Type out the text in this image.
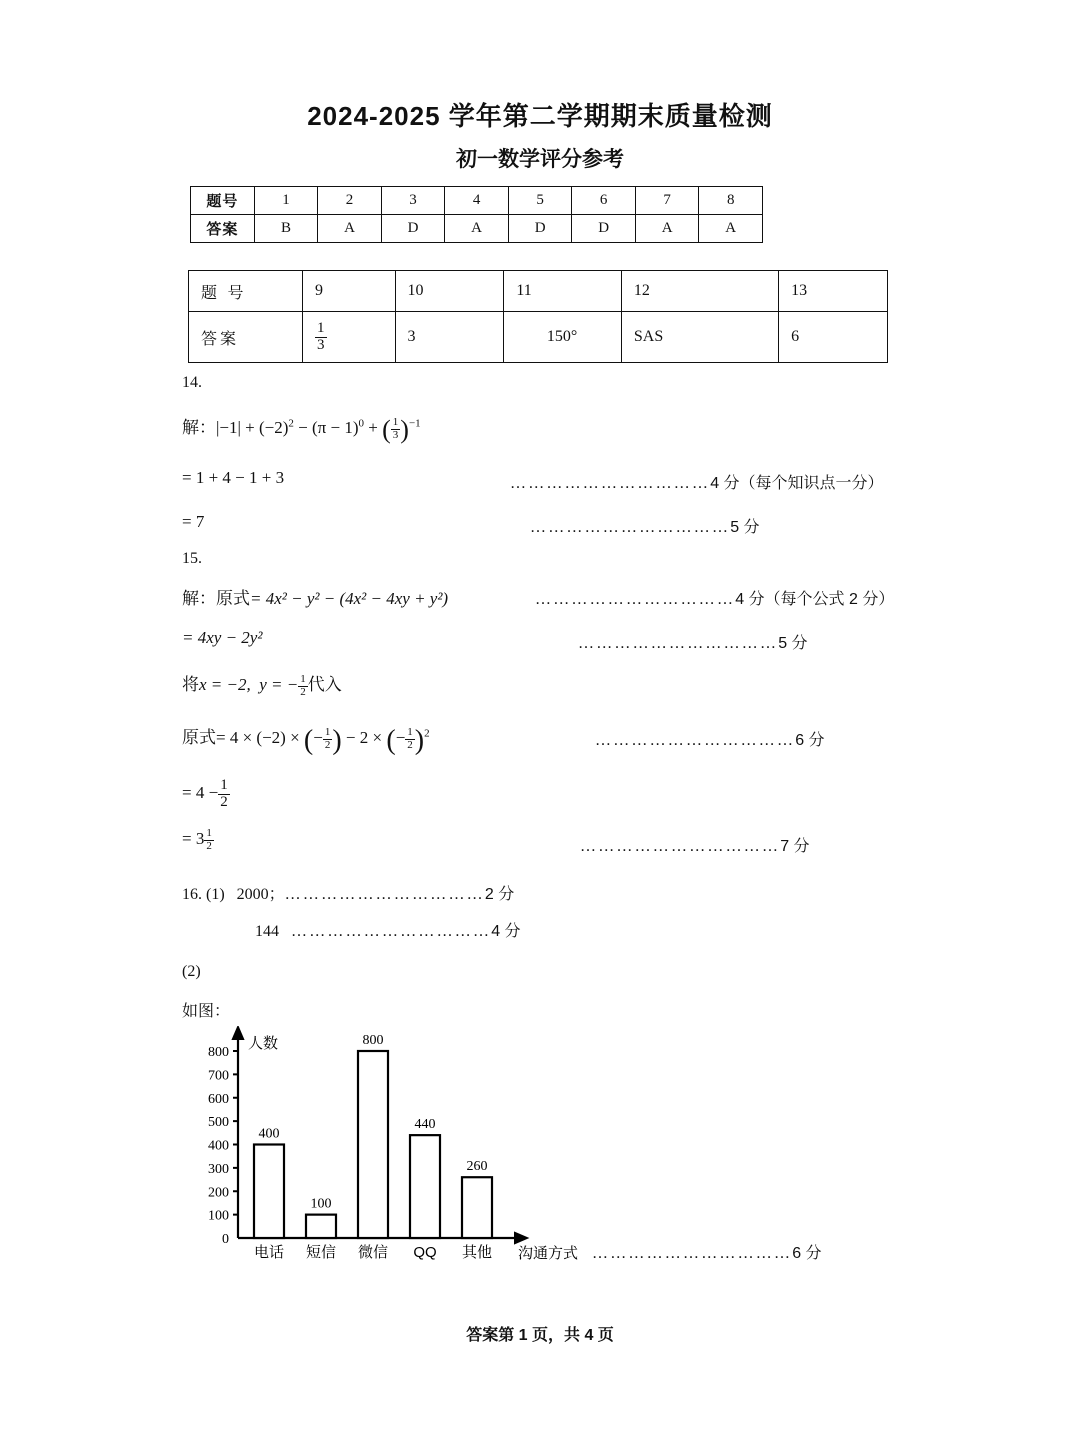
2024-2025 学年第二学期期末质量检测
初一数学评分参考
题号	1	2	3	4	5	6	7	8
答案	B	A	D	A	D	D	A	A
题 号	9	10	11	12	13
答案	$\frac{1}{3}$	3	150°	SAS	6
14.
解：$|-1| + (-2)^2 - (\pi - 1)^0$ + ( $\frac{1}{3} )^{-1}$
= 1 + 4 − 1 + 3	……………………………4 分（每个知识点一分）
= 7	……………………………5 分
15.
解：原式= 4x² − y² − (4x² − 4xy + y²)	……………………………4 分（每个公式 2 分）
= 4xy − 2y²	……………………………5 分
将x = −2, y = − $\frac{1}{2}$ 代入
原式= 4 × (−2) × (− $\frac{1}{2}$ ) − 2 × (− $\frac{1}{2} )^2$	……………………………6 分
= $4 - \frac{1}{2}$
= $3 \frac{1}{2}$	……………………………7 分
16. (1) 2000；……………………………2 分
144 ……………………………4 分
(2)
如图：
0
100
200
300
400
500
600
700
800
400
100
800
440
260
电话 短信 微信 QQ 其他
人数
沟通方式 ……………………………6 分
答案第 1 页，共 4 页
